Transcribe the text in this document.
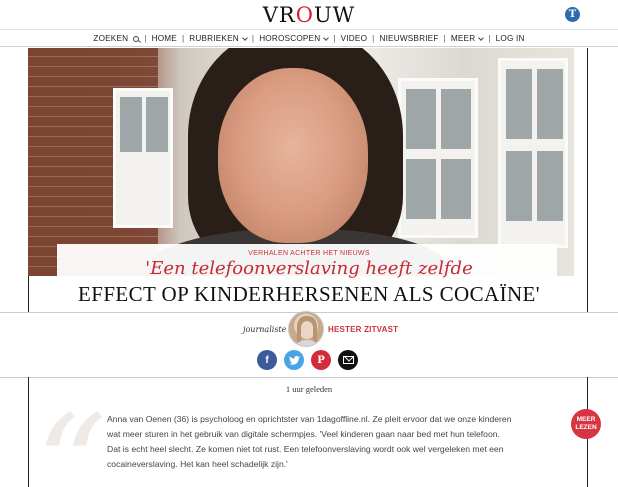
VROUW	T
ZOEKEN | HOME | RUBRIEKEN | HOROSCOPEN | VIDEO | NIEUWSBRIEF | MEER | LOG IN
VERHALEN ACHTER HET NIEUWS
'Een telefoonverslaving heeft zelfde
EFFECT OP KINDERHERSENEN ALS COCAÏNE'
journaliste	HESTER ZITVAST
f	P
1 uur geleden
“ Anna van Oenen (36) is psycholoog en oprichtster van 1dagoffline.nl. Ze pleit ervoor dat we onze kinderen wat meer sturen in het gebruik van digitale schermpjes. 'Veel kinderen gaan naar bed met hun telefoon. Dat is echt heel slecht. Ze komen niet tot rust. Een telefoonverslaving wordt ook wel vergeleken met een cocaineverslaving. Het kan heel schadelijk zijn.'
MEER
LEZEN
